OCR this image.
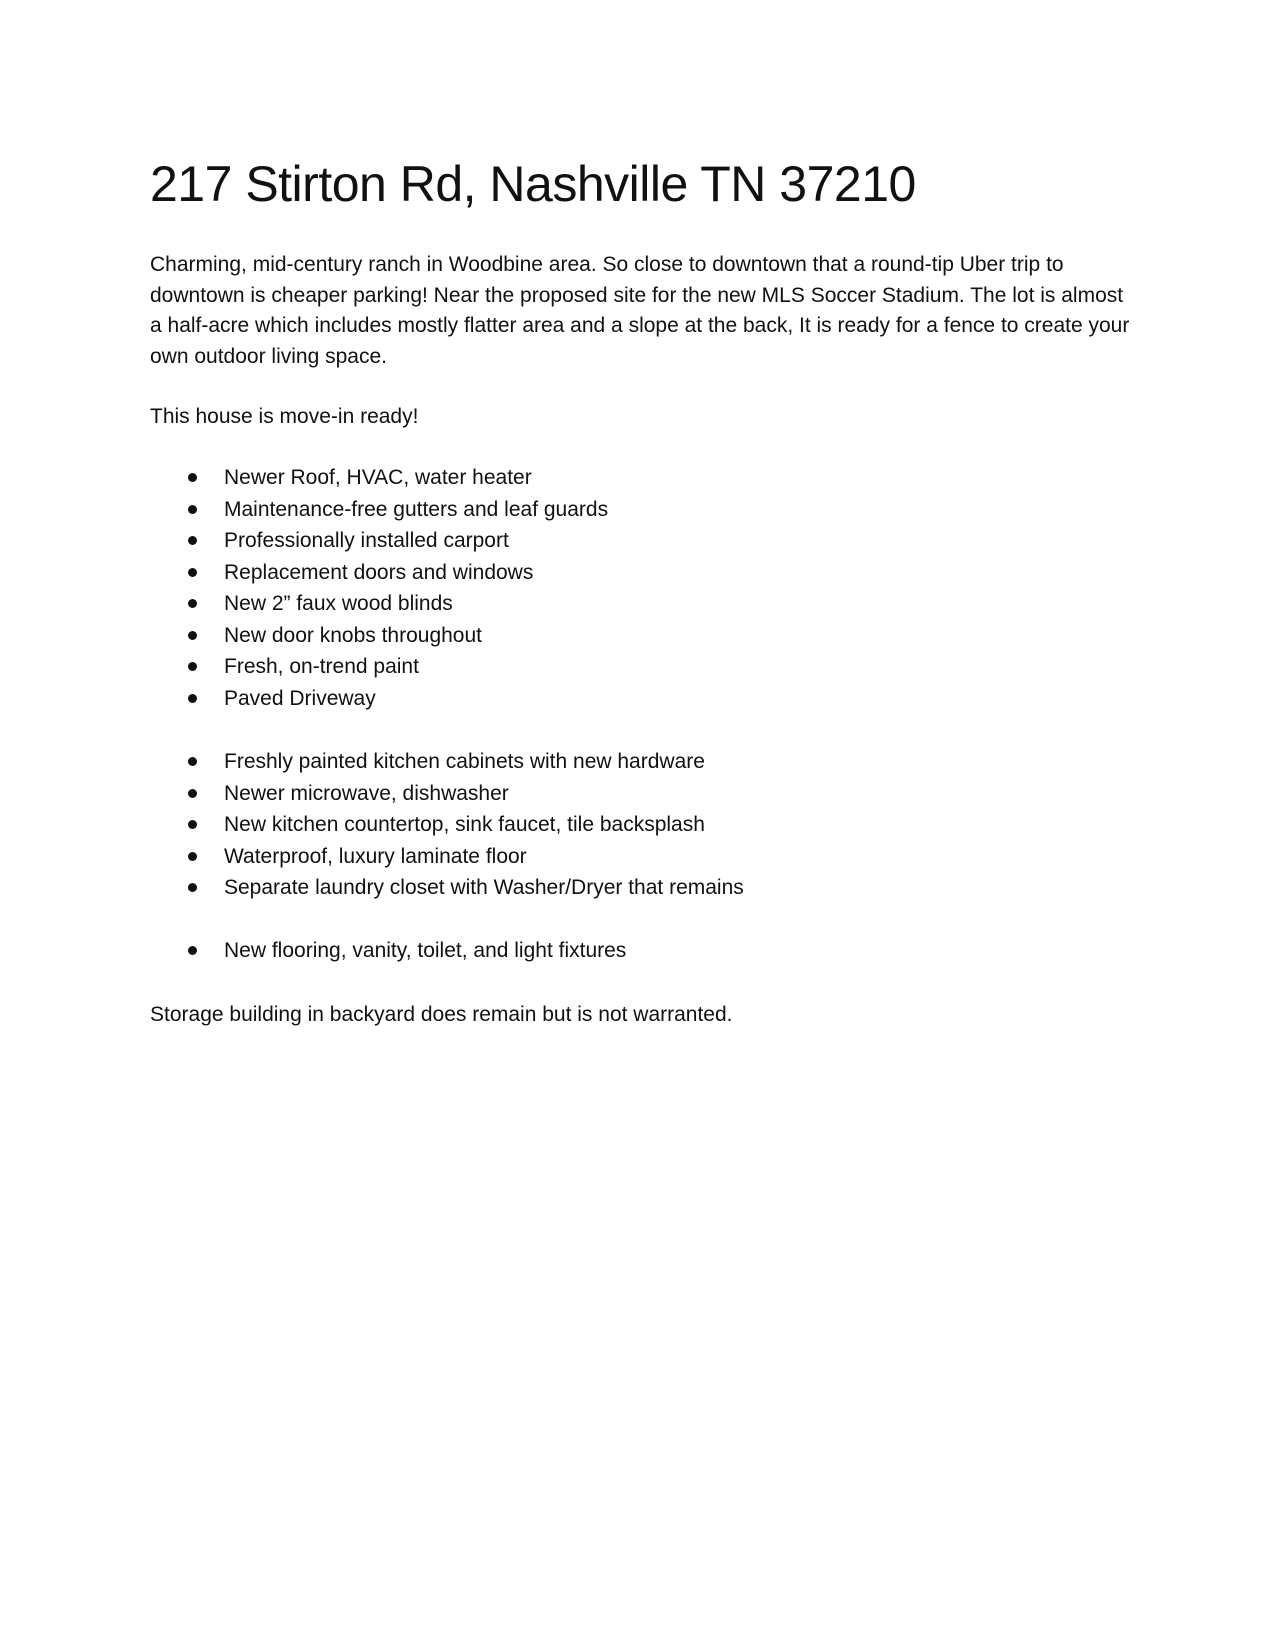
217 Stirton Rd, Nashville TN 37210

Charming, mid-century ranch in Woodbine area. So close to downtown that a round-tip Uber trip to downtown is cheaper parking! Near the proposed site for the new MLS Soccer Stadium. The lot is almost a half-acre which includes mostly flatter area and a slope at the back, It is ready for a fence to create your own outdoor living space.

This house is move-in ready!

Newer Roof, HVAC, water heater
Maintenance-free gutters and leaf guards
Professionally installed carport
Replacement doors and windows
New 2” faux wood blinds
New door knobs throughout
Fresh, on-trend paint
Paved Driveway
Freshly painted kitchen cabinets with new hardware
Newer microwave, dishwasher
New kitchen countertop, sink faucet, tile backsplash
Waterproof, luxury laminate floor
Separate laundry closet with Washer/Dryer that remains
New flooring, vanity, toilet, and light fixtures

Storage building in backyard does remain but is not warranted.
